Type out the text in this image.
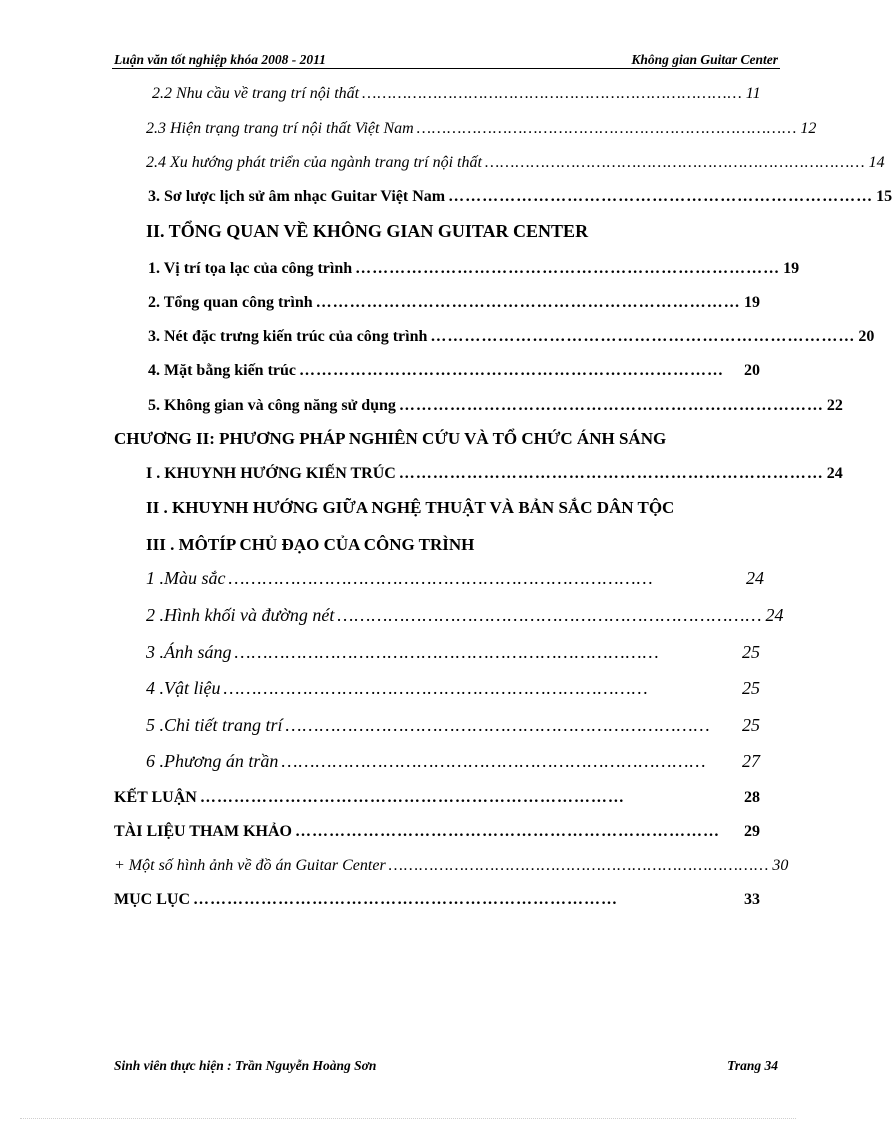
Luận văn tốt nghiệp khóa 2008 - 2011	Không gian Guitar Center
2.2 Nhu cầu về trang trí nội thất ………………………………………………………………… 11
2.3 Hiện trạng trang trí nội thất Việt Nam ………………………………………………………………… 12
2.4 Xu hướng phát triển của ngành trang trí nội thất ………………………………………………………………… 14
3. Sơ lược lịch sử âm nhạc Guitar Việt Nam ………………………………………………………………… 15
II. TỔNG QUAN VỀ KHÔNG GIAN GUITAR CENTER
1. Vị trí tọa lạc của công trình ………………………………………………………………… 19
2. Tổng quan công trình ………………………………………………………………… 19
3. Nét đặc trưng kiến trúc của công trình ………………………………………………………………… 20
4. Mặt bằng kiến trúc …………………………………………………………………	20
5. Không gian và công năng sử dụng ………………………………………………………………… 22
CHƯƠNG II: PHƯƠNG PHÁP NGHIÊN CỨU VÀ TỔ CHỨC ÁNH SÁNG
I . KHUYNH HƯỚNG KIẾN TRÚC ………………………………………………………………… 24
II . KHUYNH HƯỚNG GIỮA NGHỆ THUẬT VÀ BẢN SẮC DÂN TỘC
III . MÔTÍP CHỦ ĐẠO CỦA CÔNG TRÌNH
1 .Màu sắc …………………………………………………………………	24
2 .Hình khối và đường nét ………………………………………………………………… 24
3 .Ánh sáng …………………………………………………………………	25
4 .Vật liệu …………………………………………………………………	25
5 .Chi tiết trang trí …………………………………………………………………	25
6 .Phương án trần …………………………………………………………………	27
KẾT LUẬN …………………………………………………………………	28
TÀI LIỆU THAM KHẢO …………………………………………………………………	29
+ Một số hình ảnh về đồ án Guitar Center ………………………………………………………………… 30
MỤC LỤC …………………………………………………………………	33
Sinh viên thực hiện : Trần Nguyễn Hoàng Sơn	Trang 34
